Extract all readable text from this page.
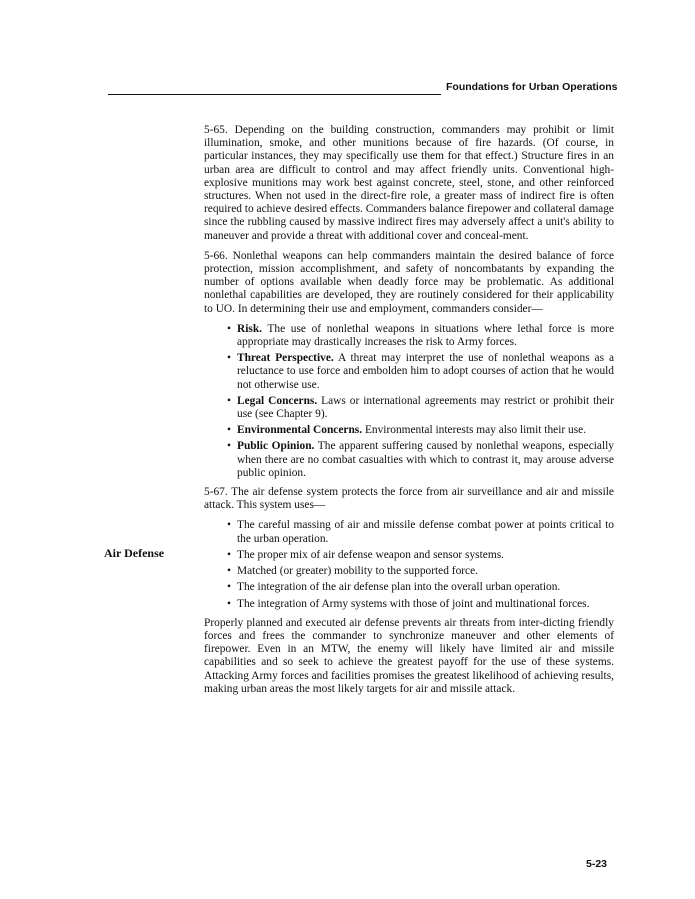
Foundations for Urban Operations

5-65. Depending on the building construction, commanders may prohibit or limit illumination, smoke, and other munitions because of fire hazards. (Of course, in particular instances, they may specifically use them for that effect.) Structure fires in an urban area are difficult to control and may affect friendly units. Conventional high-explosive munitions may work best against concrete, steel, stone, and other reinforced structures. When not used in the direct-fire role, a greater mass of indirect fire is often required to achieve desired effects. Commanders balance firepower and collateral damage since the rubbling caused by massive indirect fires may adversely affect a unit's ability to maneuver and provide a threat with additional cover and conceal-ment.

5-66. Nonlethal weapons can help commanders maintain the desired balance of force protection, mission accomplishment, and safety of noncombatants by expanding the number of options available when deadly force may be problematic. As additional nonlethal capabilities are developed, they are routinely considered for their applicability to UO. In determining their use and employment, commanders consider—

• Risk. The use of nonlethal weapons in situations where lethal force is more appropriate may drastically increases the risk to Army forces.
• Threat Perspective. A threat may interpret the use of nonlethal weapons as a reluctance to use force and embolden him to adopt courses of action that he would not otherwise use.
• Legal Concerns. Laws or international agreements may restrict or prohibit their use (see Chapter 9).
• Environmental Concerns. Environmental interests may also limit their use.
• Public Opinion. The apparent suffering caused by nonlethal weapons, especially when there are no combat casualties with which to contrast it, may arouse adverse public opinion.

5-67. The air defense system protects the force from air surveillance and air and missile attack. This system uses—

• The careful massing of air and missile defense combat power at points critical to the urban operation.
• The proper mix of air defense weapon and sensor systems.
• Matched (or greater) mobility to the supported force.
• The integration of the air defense plan into the overall urban operation.
• The integration of Army systems with those of joint and multinational forces.

Properly planned and executed air defense prevents air threats from inter-dicting friendly forces and frees the commander to synchronize maneuver and other elements of firepower. Even in an MTW, the enemy will likely have limited air and missile capabilities and so seek to achieve the greatest payoff for the use of these systems. Attacking Army forces and facilities promises the greatest likelihood of achieving results, making urban areas the most likely targets for air and missile attack.

Air Defense
5-23
